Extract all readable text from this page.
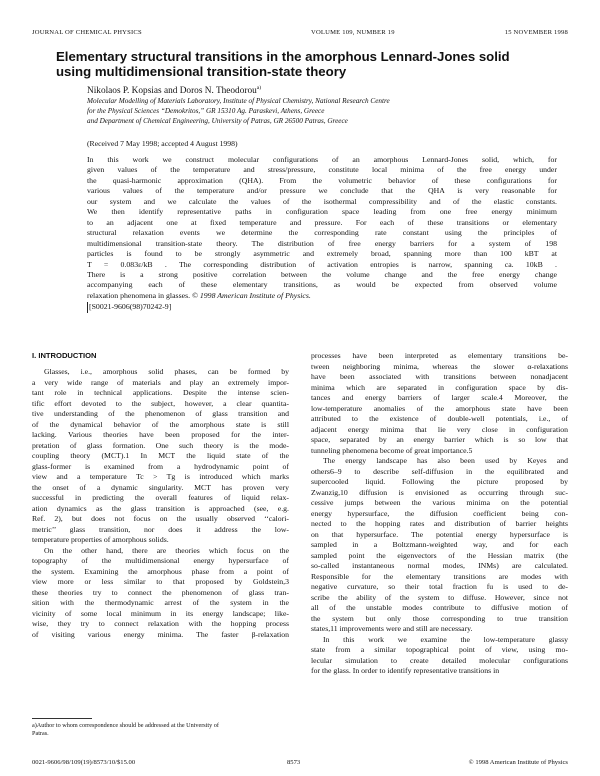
JOURNAL OF CHEMICAL PHYSICS	VOLUME 109, NUMBER 19	15 NOVEMBER 1998
Elementary structural transitions in the amorphous Lennard-Jones solid
using multidimensional transition-state theory
Nikolaos P. Kopsias and Doros N. Theodorou$^{a)}$
Molecular Modelling of Materials Laboratory, Institute of Physical Chemistry, National Research Centre
for the Physical Sciences “Demokritos,” GR 15310 Ag. Paraskevi, Athens, Greece
and Department of Chemical Engineering, University of Patras, GR 26500 Patras, Greece
(Received 7 May 1998; accepted 4 August 1998)
In this work we construct molecular configurations of an amorphous Lennard-Jones solid, which, for
given values of the temperature and stress/pressure, constitute local minima of the free energy under
the quasi-harmonic approximation (QHA). From the volumetric behavior of these configurations for
various values of the temperature and/or pressure we conclude that the QHA is very reasonable for
our system and we calculate the values of the isothermal compressibility and of the elastic constants.
We then identify representative paths in configuration space leading from one free energy minimum
to an adjacent one at fixed temperature and pressure. For each of these transitions or elementary
structural relaxation events we determine the corresponding rate constant using the principles of
multidimensional transition-state theory. The distribution of free energy barriers for a system of 198
particles is found to be strongly asymmetric and extremely broad, spanning more than 100 kBT at
T = 0.083ε/kB . The corresponding distribution of activation entropies is narrow, spanning ca. 10kB .
There is a strong positive correlation between the volume change and the free energy change
accompanying each of these elementary transitions, as would be expected from observed volume
relaxation phenomena in glasses. © 1998 American Institute of Physics.
[S0021-9606(98)70242-9]
I. INTRODUCTION
Glasses, i.e., amorphous solid phases, can be formed by
a very wide range of materials and play an extremely impor-
tant role in technical applications. Despite the intense scien-
tific effort devoted to the subject, however, a clear quantita-
tive understanding of the phenomenon of glass transition and
of the dynamical behavior of the amorphous state is still
lacking. Various theories have been proposed for the inter-
pretation of glass formation. One such theory is the mode-
coupling theory (MCT).1 In MCT the liquid state of the
glass-former is examined from a hydrodynamic point of
view and a temperature Tc > Tg is introduced which marks
the onset of a dynamic singularity. MCT has proven very
successful in predicting the overall features of liquid relax-
ation dynamics as the glass transition is approached (see, e.g.
Ref. 2), but does not focus on the usually observed ‘‘calori-
metric’’ glass transition, nor does it address the low-
temperature properties of amorphous solids.
On the other hand, there are theories which focus on the
topography of the multidimensional energy hypersurface of
the system. Examining the amorphous phase from a point of
view more or less similar to that proposed by Goldstein,3
these theories try to connect the phenomenon of glass tran-
sition with the thermodynamic arrest of the system in the
vicinity of some local minimum in its energy landscape; like-
wise, they try to connect relaxation with the hopping process
of visiting various energy minima. The faster β-relaxation
processes have been interpreted as elementary transitions be-
tween neighboring minima, whereas the slower α-relaxations
have been associated with transitions between nonadjacent
minima which are separated in configuration space by dis-
tances and energy barriers of larger scale.4 Moreover, the
low-temperature anomalies of the amorphous state have been
attributed to the existence of double-well potentials, i.e., of
adjacent energy minima that lie very close in configuration
space, separated by an energy barrier which is so low that
tunneling phenomena become of great importance.5
The energy landscape has also been used by Keyes and
others6–9 to describe self-diffusion in the equilibrated and
supercooled liquid. Following the picture proposed by
Zwanzig,10 diffusion is envisioned as occurring through suc-
cessive jumps between the various minima on the potential
energy hypersurface, the diffusion coefficient being con-
nected to the hopping rates and distribution of barrier heights
on that hypersurface. The potential energy hypersurface is
sampled in a Boltzmann-weighted way, and for each
sampled point the eigenvectors of the Hessian matrix (the
so-called instantaneous normal modes, INMs) are calculated.
Responsible for the elementary transitions are modes with
negative curvature, so their total fraction fu is used to de-
scribe the ability of the system to diffuse. However, since not
all of the unstable modes contribute to diffusive motion of
the system but only those corresponding to true transition
states,11 improvements were and still are necessary.
In this work we examine the low-temperature glassy
state from a similar topographical point of view, using mo-
lecular simulation to create detailed molecular configurations
for the glass. In order to identify representative transitions in
a)Author to whom correspondence should be addressed at the University of
Patras.
0021-9606/98/109(19)/8573/10/$15.00	8573	© 1998 American Institute of Physics
